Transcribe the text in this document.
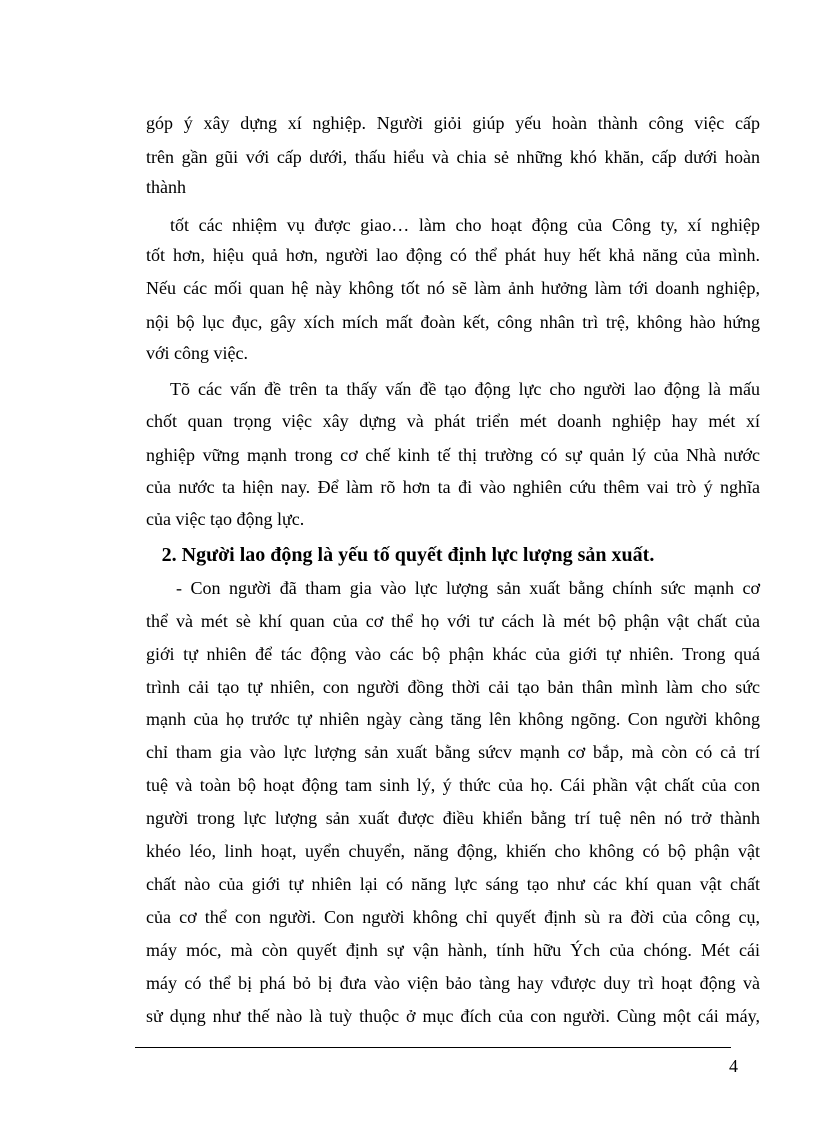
góp ý xây dựng xí nghiệp. Người giỏi giúp yếu hoàn thành công việc cấp
trên gần gũi với cấp dưới, thấu hiểu và chia sẻ những khó khăn, cấp dưới hoàn
thành
tốt các nhiệm vụ được giao… làm cho hoạt động của Công ty, xí nghiệp
tốt hơn, hiệu quả hơn, người lao động có thể phát huy hết khả năng của mình.
Nếu các mối quan hệ này không tốt nó sẽ làm ảnh hưởng làm tới doanh nghiệp,
nội bộ lục đục, gây xích mích mất đoàn kết, công nhân trì trệ, không hào hứng
với công việc.
Tõ các vấn đề trên ta thấy vấn đề tạo động lực cho người lao động là mấu
chốt quan trọng việc xây dựng và phát triển mét doanh nghiệp hay mét xí
nghiệp vững mạnh trong cơ chế kinh tế thị trường có sự quản lý của Nhà nước
của nước ta hiện nay. Để làm rõ hơn ta đi vào nghiên cứu thêm vai trò ý nghĩa
của việc tạo động lực.
2. Người lao động là yếu tố quyết định lực lượng sản xuất.
- Con người đã tham gia vào lực lượng sản xuất bằng chính sức mạnh cơ
thể và mét sè khí quan của cơ thể họ với tư cách là mét bộ phận vật chất của
giới tự nhiên để tác động vào các bộ phận khác của giới tự nhiên. Trong quá
trình cải tạo tự nhiên, con người đồng thời cải tạo bản thân mình làm cho sức
mạnh của họ trước tự nhiên ngày càng tăng lên không ngõng. Con người không
chỉ tham gia vào lực lượng sản xuất bằng sứcv mạnh cơ bắp, mà còn có cả trí
tuệ và toàn bộ hoạt động tam sinh lý, ý thức của họ. Cái phần vật chất của con
người trong lực lượng sản xuất được điều khiển bằng trí tuệ nên nó trở thành
khéo léo, linh hoạt, uyển chuyển, năng động, khiến cho không có bộ phận vật
chất nào của giới tự nhiên lại có năng lực sáng tạo như các khí quan vật chất
của cơ thể con người. Con người không chỉ quyết định sù ra đời của công cụ,
máy móc, mà còn quyết định sự vận hành, tính hữu Ých của chóng. Mét cái
máy có thể bị phá bỏ bị đưa vào viện bảo tàng hay vđược duy trì hoạt động và
sử dụng như thế nào là tuỳ thuộc ở mục đích của con người. Cùng một cái máy,
4
